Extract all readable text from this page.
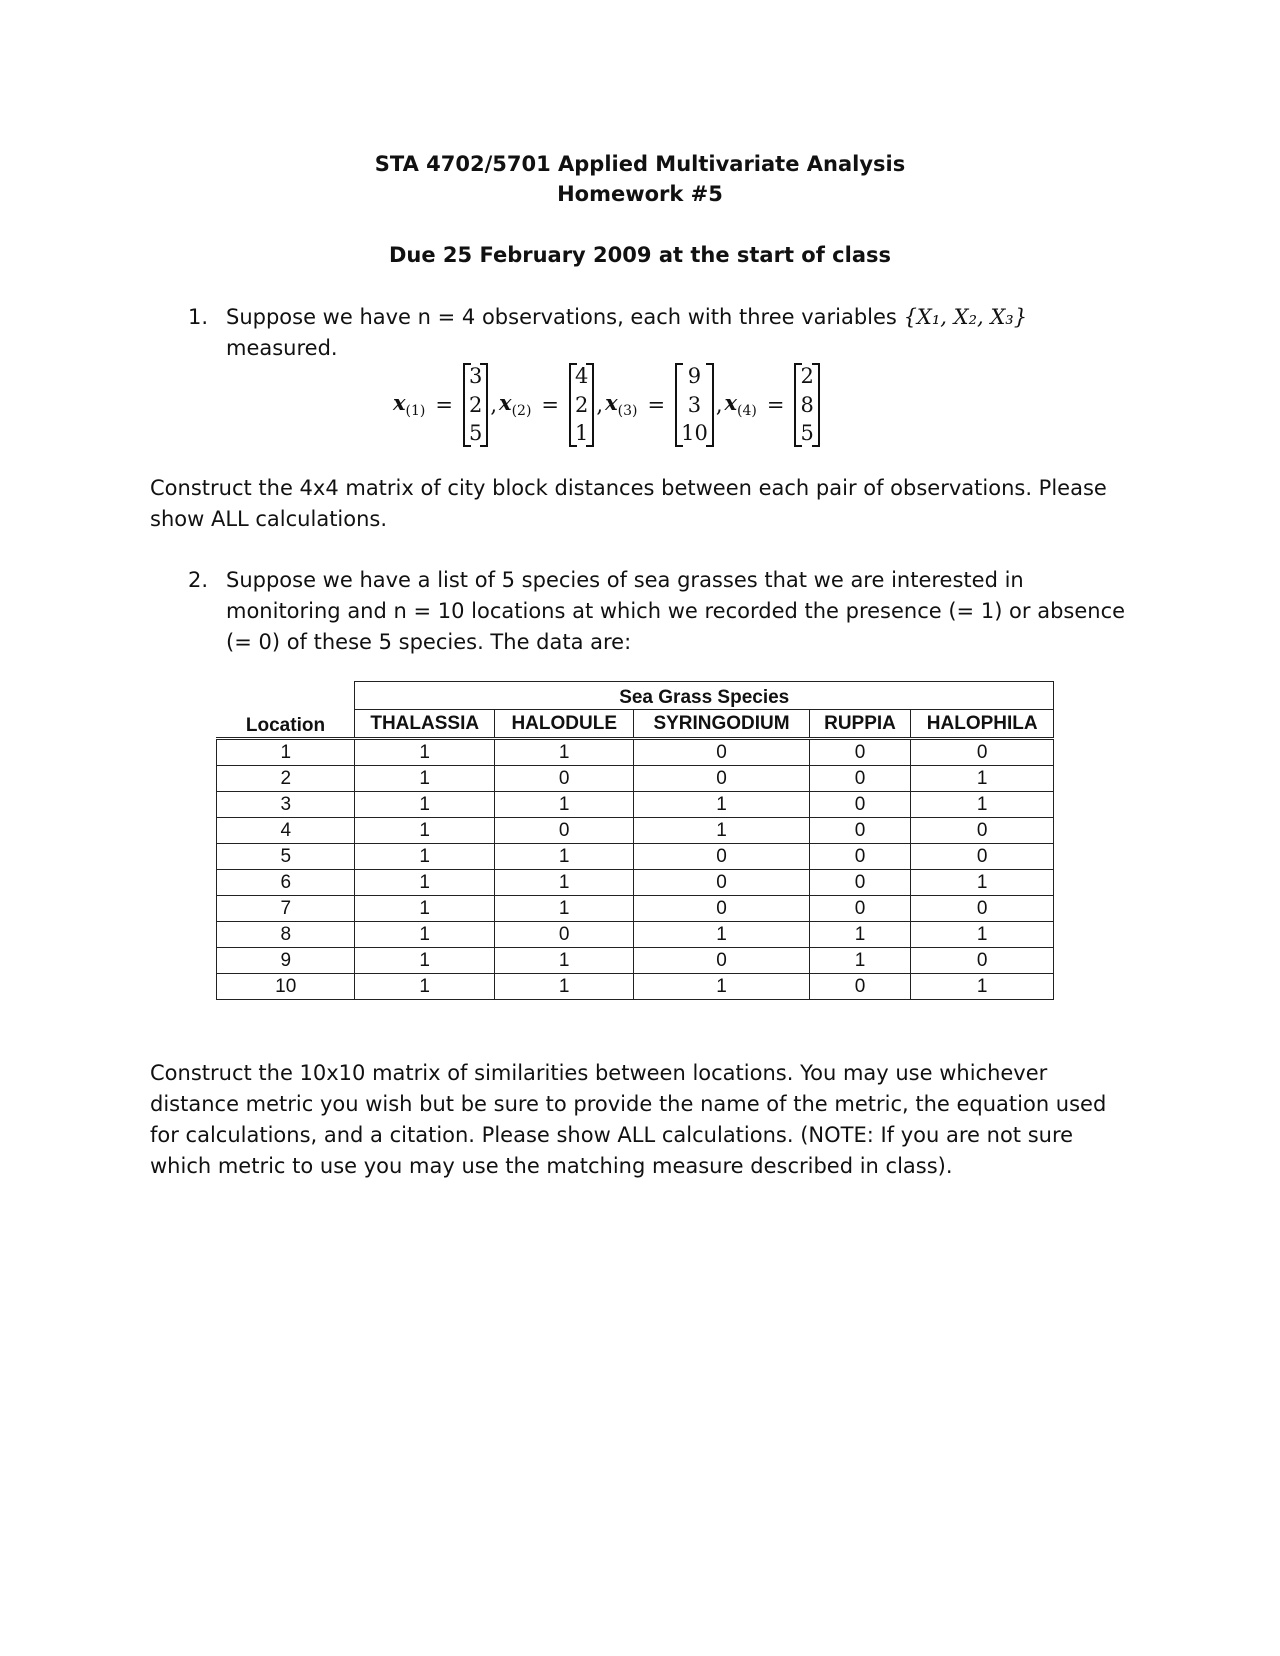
STA 4702/5701 Applied Multivariate Analysis
Homework #5
Due 25 February 2009 at the start of class
1. Suppose we have n = 4 observations, each with three variables {X₁, X₂, X₃} measured.
$x_{(1)}$ =
3
2
5
, $x_{(2)}$ =
4
2
1
, $x_{(3)}$ =
9
3
10
, $x_{(4)}$ =
2
8
5
Construct the 4x4 matrix of city block distances between each pair of observations. Please show ALL calculations.
2. Suppose we have a list of 5 species of sea grasses that we are interested in monitoring and n = 10 locations at which we recorded the presence (= 1) or absence (= 0) of these 5 species. The data are:
Location	Sea Grass Species				
	THALASSIA	HALODULE	SYRINGODIUM	RUPPIA	HALOPHILA
1	1	1	0	0	0
2	1	0	0	0	1
3	1	1	1	0	1
4	1	0	1	0	0
5	1	1	0	0	0
6	1	1	0	0	1
7	1	1	0	0	0
8	1	0	1	1	1
9	1	1	0	1	0
10	1	1	1	0	1
Construct the 10x10 matrix of similarities between locations. You may use whichever distance metric you wish but be sure to provide the name of the metric, the equation used for calculations, and a citation. Please show ALL calculations. (NOTE: If you are not sure which metric to use you may use the matching measure described in class).
